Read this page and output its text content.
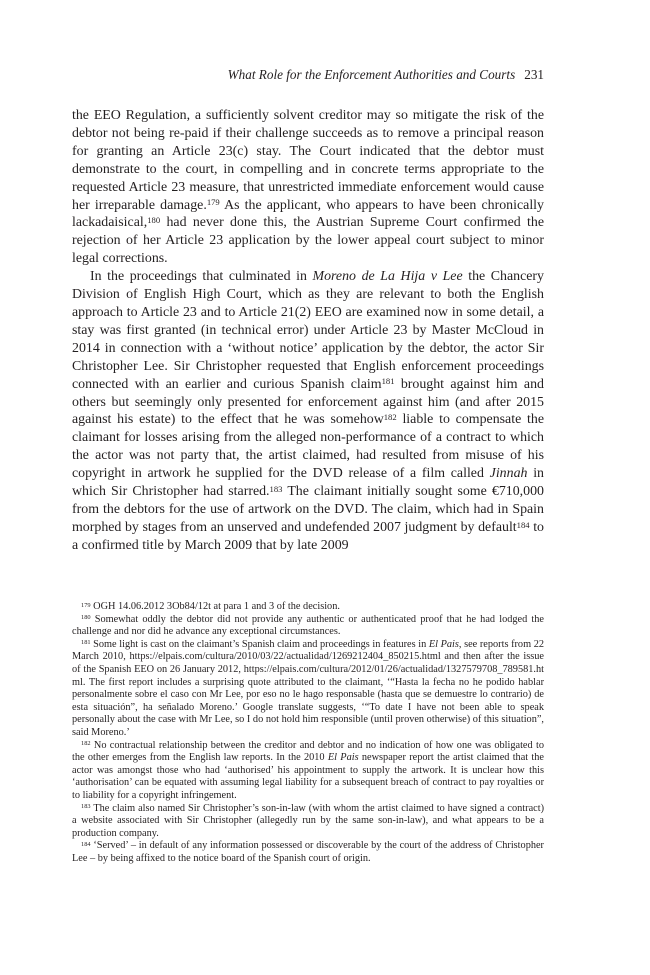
What Role for the Enforcement Authorities and Courts 231

the EEO Regulation, a sufficiently solvent creditor may so mitigate the risk of the debtor not being re-paid if their challenge succeeds as to remove a principal reason for granting an Article 23(c) stay. The Court indicated that the debtor must demonstrate to the court, in compelling and in concrete terms appropriate to the requested Article 23 measure, that unrestricted immediate enforcement would cause her irreparable damage.$^{179}$ As the applicant, who appears to have been chronically lackadaisical,$^{180}$ had never done this, the Austrian Supreme Court confirmed the rejection of her Article 23 application by the lower appeal court subject to minor legal corrections.

In the proceedings that culminated in Moreno de La Hija v Lee the Chancery Division of English High Court, which as they are relevant to both the English approach to Article 23 and to Article 21(2) EEO are examined now in some detail, a stay was first granted (in technical error) under Article 23 by Master McCloud in 2014 in connection with a ‘without notice’ application by the debtor, the actor Sir Christopher Lee. Sir Christopher requested that English enforcement proceedings connected with an earlier and curious Spanish claim$^{181}$ brought against him and others but seemingly only presented for enforcement against him (and after 2015 against his estate) to the effect that he was somehow$^{182}$ liable to compensate the claimant for losses arising from the alleged non-performance of a contract to which the actor was not party that, the artist claimed, had resulted from misuse of his copyright in artwork he supplied for the DVD release of a film called Jinnah in which Sir Christopher had starred.$^{183}$ The claimant initially sought some €710,000 from the debtors for the use of artwork on the DVD. The claim, which had in Spain morphed by stages from an unserved and undefended 2007 judgment by default$^{184}$ to a confirmed title by March 2009 that by late 2009

$^{179}$ OGH 14.06.2012 3Ob84/12t at para 1 and 3 of the decision.

$^{180}$ Somewhat oddly the debtor did not provide any authentic or authenticated proof that he had lodged the challenge and nor did he advance any exceptional circumstances.

$^{181}$ Some light is cast on the claimant’s Spanish claim and proceedings in features in El Pais, see reports from 22 March 2010, https://elpais.com/cultura/2010/03/22/actualidad/1269212404_850215.html and then after the issue of the Spanish EEO on 26 January 2012, https://elpais.com/cultura/2012/01/26/actualidad/1327579708_789581.html. The first report includes a surprising quote attributed to the claimant, ‘“Hasta la fecha no he podido hablar personalmente sobre el caso con Mr Lee, por eso no le hago responsable (hasta que se demuestre lo contrario) de esta situación”, ha señalado Moreno.’ Google translate suggests, ‘“To date I have not been able to speak personally about the case with Mr Lee, so I do not hold him responsible (until proven otherwise) of this situation”, said Moreno.’

$^{182}$ No contractual relationship between the creditor and debtor and no indication of how one was obligated to the other emerges from the English law reports. In the 2010 El Pais newspaper report the artist claimed that the actor was amongst those who had ‘authorised’ his appointment to supply the artwork. It is unclear how this ‘authorisation’ can be equated with assuming legal liability for a subsequent breach of contract to pay royalties or to liability for a copyright infringement.

$^{183}$ The claim also named Sir Christopher’s son-in-law (with whom the artist claimed to have signed a contract) a website associated with Sir Christopher (allegedly run by the same son-in-law), and what appears to be a production company.

$^{184}$ ‘Served’ – in default of any information possessed or discoverable by the court of the address of Christopher Lee – by being affixed to the notice board of the Spanish court of origin.
